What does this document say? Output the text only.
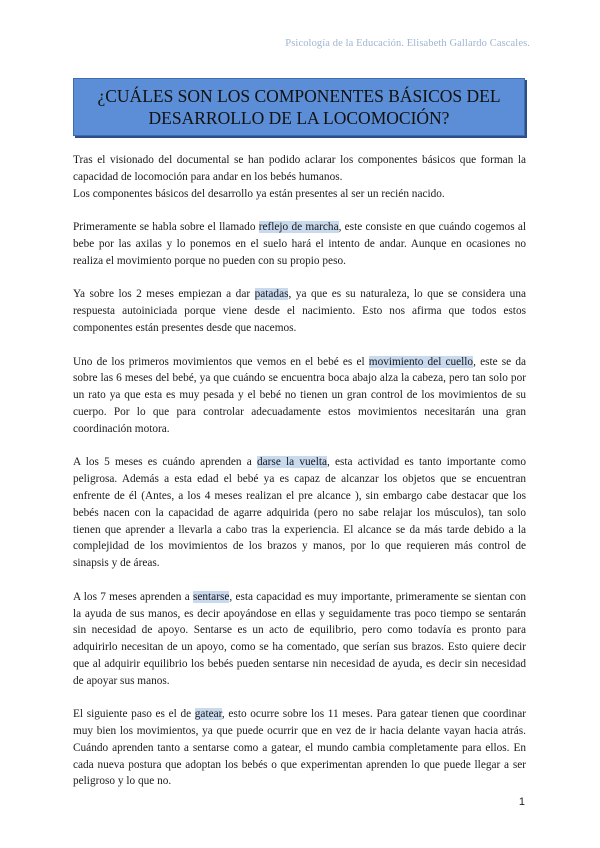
Psicología de la Educación. Elisabeth Gallardo Cascales.
¿CUÁLES SON LOS COMPONENTES BÁSICOS DEL DESARROLLO DE LA LOCOMOCIÓN?

Tras el visionado del documental se han podido aclarar los componentes básicos que forman la capacidad de locomoción para andar en los bebés humanos.

Los componentes básicos del desarrollo ya están presentes al ser un recién nacido.

Primeramente se habla sobre el llamado reflejo de marcha, este consiste en que cuándo cogemos al bebe por las axilas y lo ponemos en el suelo hará el intento de andar. Aunque en ocasiones no realiza el movimiento porque no pueden con su propio peso.

Ya sobre los 2 meses empiezan a dar patadas, ya que es su naturaleza, lo que se considera una respuesta autoiniciada porque viene desde el nacimiento. Esto nos afirma que todos estos componentes están presentes desde que nacemos.

Uno de los primeros movimientos que vemos en el bebé es el movimiento del cuello, este se da sobre las 6 meses del bebé, ya que cuándo se encuentra boca abajo alza la cabeza, pero tan solo por un rato ya que esta es muy pesada y el bebé no tienen un gran control de los movimientos de su cuerpo. Por lo que para controlar adecuadamente estos movimientos necesitarán una gran coordinación motora.

A los 5 meses es cuándo aprenden a darse la vuelta, esta actividad es tanto importante como peligrosa. Además a esta edad el bebé ya es capaz de alcanzar los objetos que se encuentran enfrente de él (Antes, a los 4 meses realizan el pre alcance ), sin embargo cabe destacar que los bebés nacen con la capacidad de agarre adquirida (pero no sabe relajar los músculos), tan solo tienen que aprender a llevarla a cabo tras la experiencia. El alcance se da más tarde debido a la complejidad de los movimientos de los brazos y manos, por lo que requieren más control de sinapsis y de áreas.

A los 7 meses aprenden a sentarse, esta capacidad es muy importante, primeramente se sientan con la ayuda de sus manos, es decir apoyándose en ellas y seguidamente tras poco tiempo se sentarán sin necesidad de apoyo. Sentarse es un acto de equilibrio, pero como todavía es pronto para adquirirlo necesitan de un apoyo, como se ha comentado, que serían sus brazos. Esto quiere decir que al adquirir equilibrio los bebés pueden sentarse nin necesidad de ayuda, es decir sin necesidad de apoyar sus manos.

El siguiente paso es el de gatear, esto ocurre sobre los 11 meses. Para gatear tienen que coordinar muy bien los movimientos, ya que puede ocurrir que en vez de ir hacia delante vayan hacia atrás. Cuándo aprenden tanto a sentarse como a gatear, el mundo cambia completamente para ellos. En cada nueva postura que adoptan los bebés o que experimentan aprenden lo que puede llegar a ser peligroso y lo que no.

1
